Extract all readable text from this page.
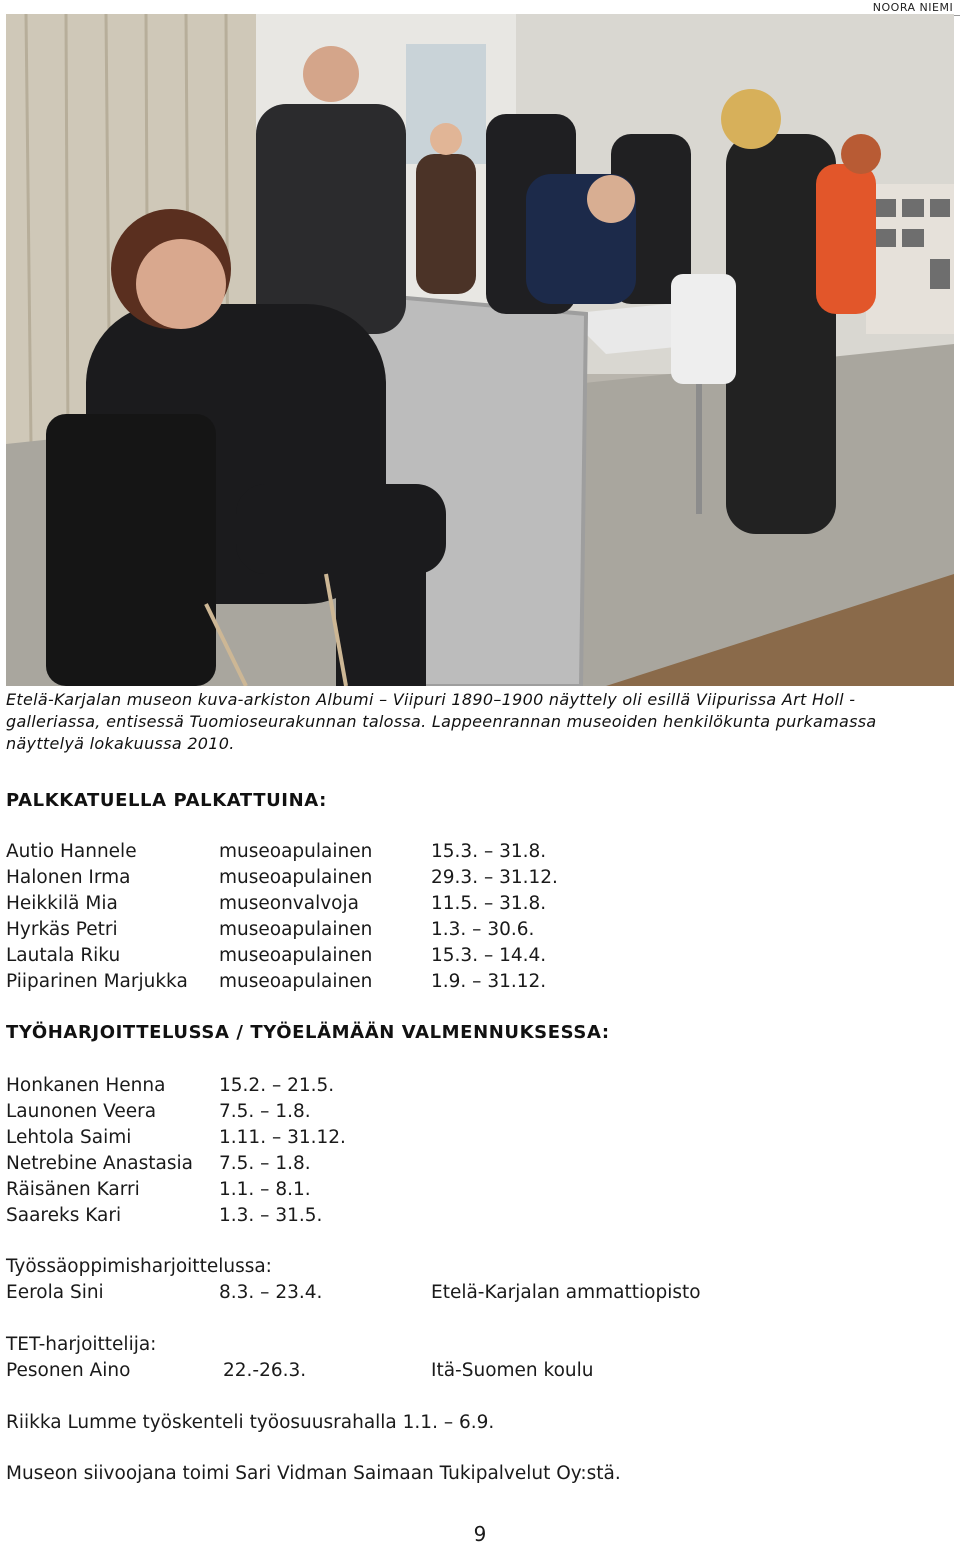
NOORA NIEMI
Etelä-Karjalan museon kuva-arkiston Albumi – Viipuri 1890–1900 näyttely oli esillä Viipurissa Art Holl -galleriassa, entisessä Tuomioseurakunnan talossa. Lappeenrannan museoiden henkilökunta purkamassa näyttelyä lokakuussa 2010.
PALKKATUELLA PALKATTUINA:
Autio Hannele	museoapulainen	15.3. – 31.8.
Halonen Irma	museoapulainen	29.3. – 31.12.
Heikkilä Mia	museonvalvoja	11.5. – 31.8.
Hyrkäs Petri	museoapulainen	1.3. – 30.6.
Lautala Riku	museoapulainen	15.3. – 14.4.
Piiparinen Marjukka museoapulainen	1.9. – 31.12.
TYÖHARJOITTELUSSA / TYÖELÄMÄÄN VALMENNUKSESSA:
Honkanen Henna	15.2. – 21.5.
Launonen Veera	7.5. – 1.8.
Lehtola Saimi	1.11. – 31.12.
Netrebine Anastasia 7.5. – 1.8.
Räisänen Karri	1.1. – 8.1.
Saareks Kari	1.3. – 31.5.
Työssäoppimisharjoittelussa:
Eerola Sini	8.3. – 23.4.	Etelä-Karjalan ammattiopisto
TET-harjoittelija:
Pesonen Aino	22.-26.3.	Itä-Suomen koulu
Riikka Lumme työskenteli työosuusrahalla 1.1. – 6.9.
Museon siivoojana toimi Sari Vidman Saimaan Tukipalvelut Oy:stä.
9
